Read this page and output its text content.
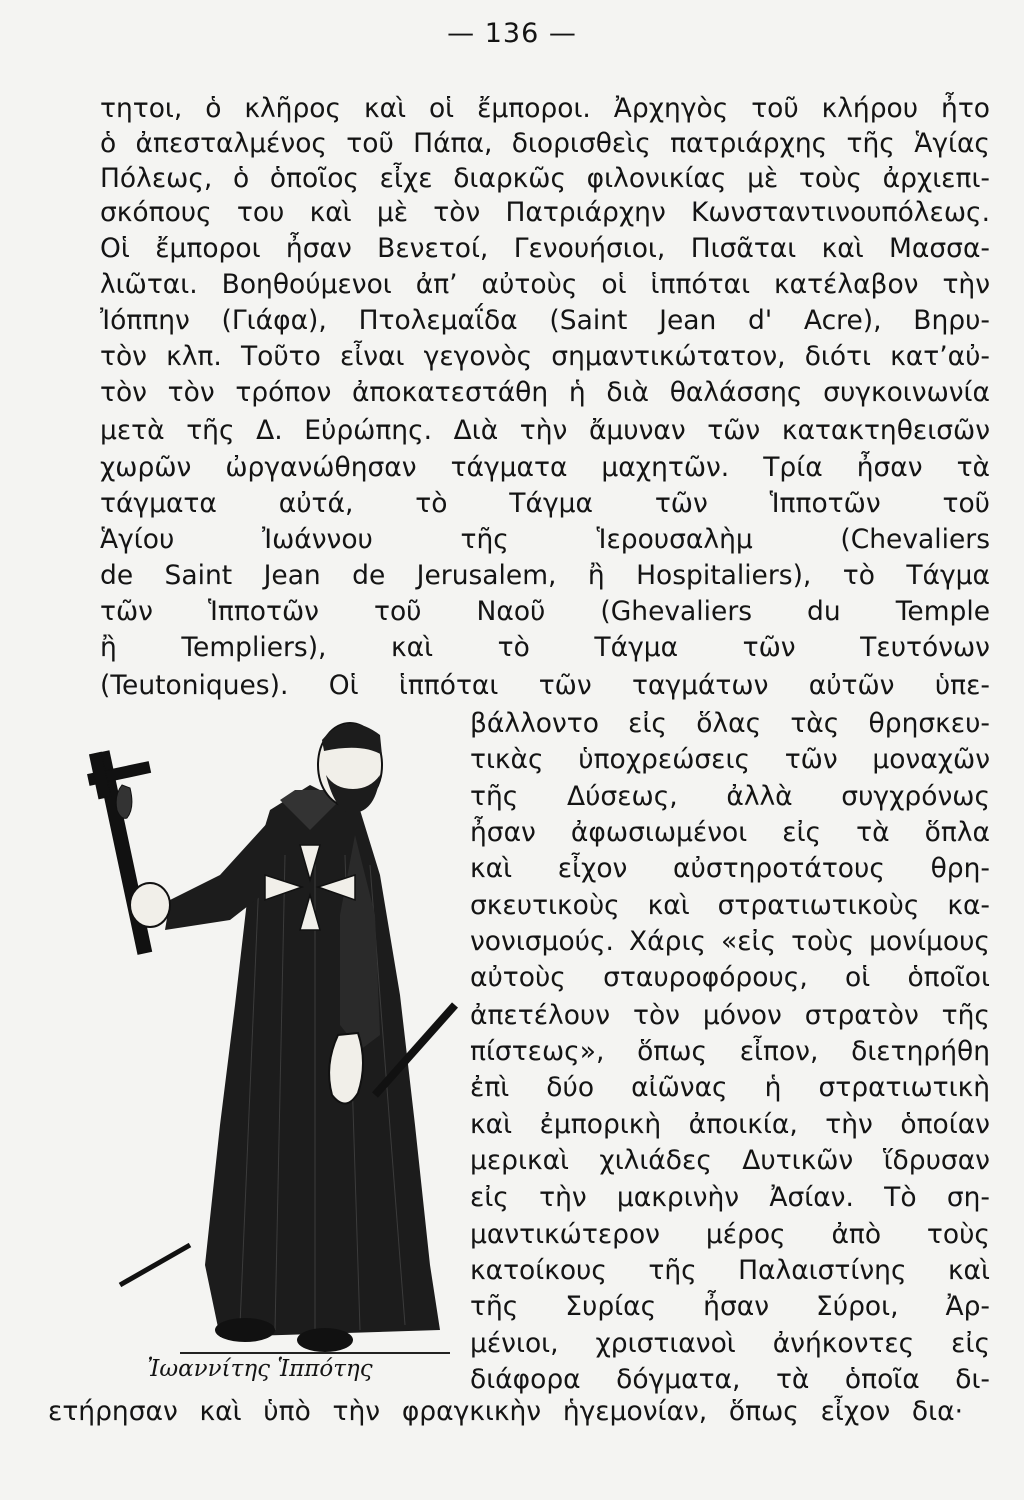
— 136 —
τητοι, ὁ κλῆρος καὶ οἱ ἔμποροι. Ἀρχηγὸς τοῦ κλήρου ἦτο
ὁ ἀπεσταλμένος τοῦ Πάπα, διορισθεὶς πατριάρχης τῆς Ἁγίας
Πόλεως, ὁ ὁποῖος εἶχε διαρκῶς φιλονικίας μὲ τοὺς ἀρχιεπι-
σκόπους του καὶ μὲ τὸν Πατριάρχην Κωνσταντινουπόλεως.
Οἱ ἔμποροι ἦσαν Βενετοί, Γενουήσιοι, Πισᾶται καὶ Μασσα-
λιῶται. Βοηθούμενοι ἀπ’ αὐτοὺς οἱ ἱππόται κατέλαβον τὴν
Ἰόππην (Γιάφα), Πτολεμαΐδα (Saint Jean d' Acre), Βηρυ-
τὸν κλπ. Τοῦτο εἶναι γεγονὸς σημαντικώτατον, διότι κατ’αὐ-
τὸν τὸν τρόπον ἀποκατεστάθη ἡ διὰ θαλάσσης συγκοινωνία
μετὰ τῆς Δ. Εὐρώπης. Διὰ τὴν ἄμυναν τῶν κατακτηθεισῶν
χωρῶν ὠργανώθησαν τάγματα μαχητῶν. Τρία ἦσαν τὰ
τάγματα αὐτά, τὸ Τάγμα τῶν Ἱπποτῶν τοῦ
Ἁγίου Ἰωάννου τῆς Ἱερουσαλὴμ (Chevaliers
de Saint Jean de Jerusalem, ἢ Hospitaliers), τὸ Τάγμα
τῶν Ἱπποτῶν τοῦ Ναοῦ (Ghevaliers du Temple
ἢ Templiers), καὶ τὸ Τάγμα τῶν Τευτόνων
(Teutoniques). Οἱ ἱππόται τῶν ταγμάτων αὐτῶν ὑπε-
βάλλοντο εἰς ὅλας τὰς θρησκευ-
τικὰς ὑποχρεώσεις τῶν μοναχῶν
τῆς Δύσεως, ἀλλὰ συγχρόνως
ἦσαν ἀφωσιωμένοι εἰς τὰ ὅπλα
καὶ εἶχον αὐστηροτάτους θρη-
σκευτικοὺς καὶ στρατιωτικοὺς κα-
νονισμούς. Χάρις «εἰς τοὺς μονίμους
αὐτοὺς σταυροφόρους, οἱ ὁποῖοι
ἀπετέλουν τὸν μόνον στρατὸν τῆς
πίστεως», ὅπως εἶπον, διετηρήθη
ἐπὶ δύο αἰῶνας ἡ στρατιωτικὴ
καὶ ἐμπορικὴ ἀποικία, τὴν ὁποίαν
μερικαὶ χιλιάδες Δυτικῶν ἵδρυσαν
εἰς τὴν μακρινὴν Ἀσίαν. Τὸ ση-
μαντικώτερον μέρος ἀπὸ τοὺς
κατοίκους τῆς Παλαιστίνης καὶ
τῆς Συρίας ἦσαν Σύροι, Ἀρ-
μένιοι, χριστιανοὶ ἀνήκοντες εἰς
διάφορα δόγματα, τὰ ὁποῖα δι-
ετήρησαν καὶ ὑπὸ τὴν φραγκικὴν ἡγεμονίαν, ὅπως εἶχον δια·
Ἰωαννίτης Ἱππότης
